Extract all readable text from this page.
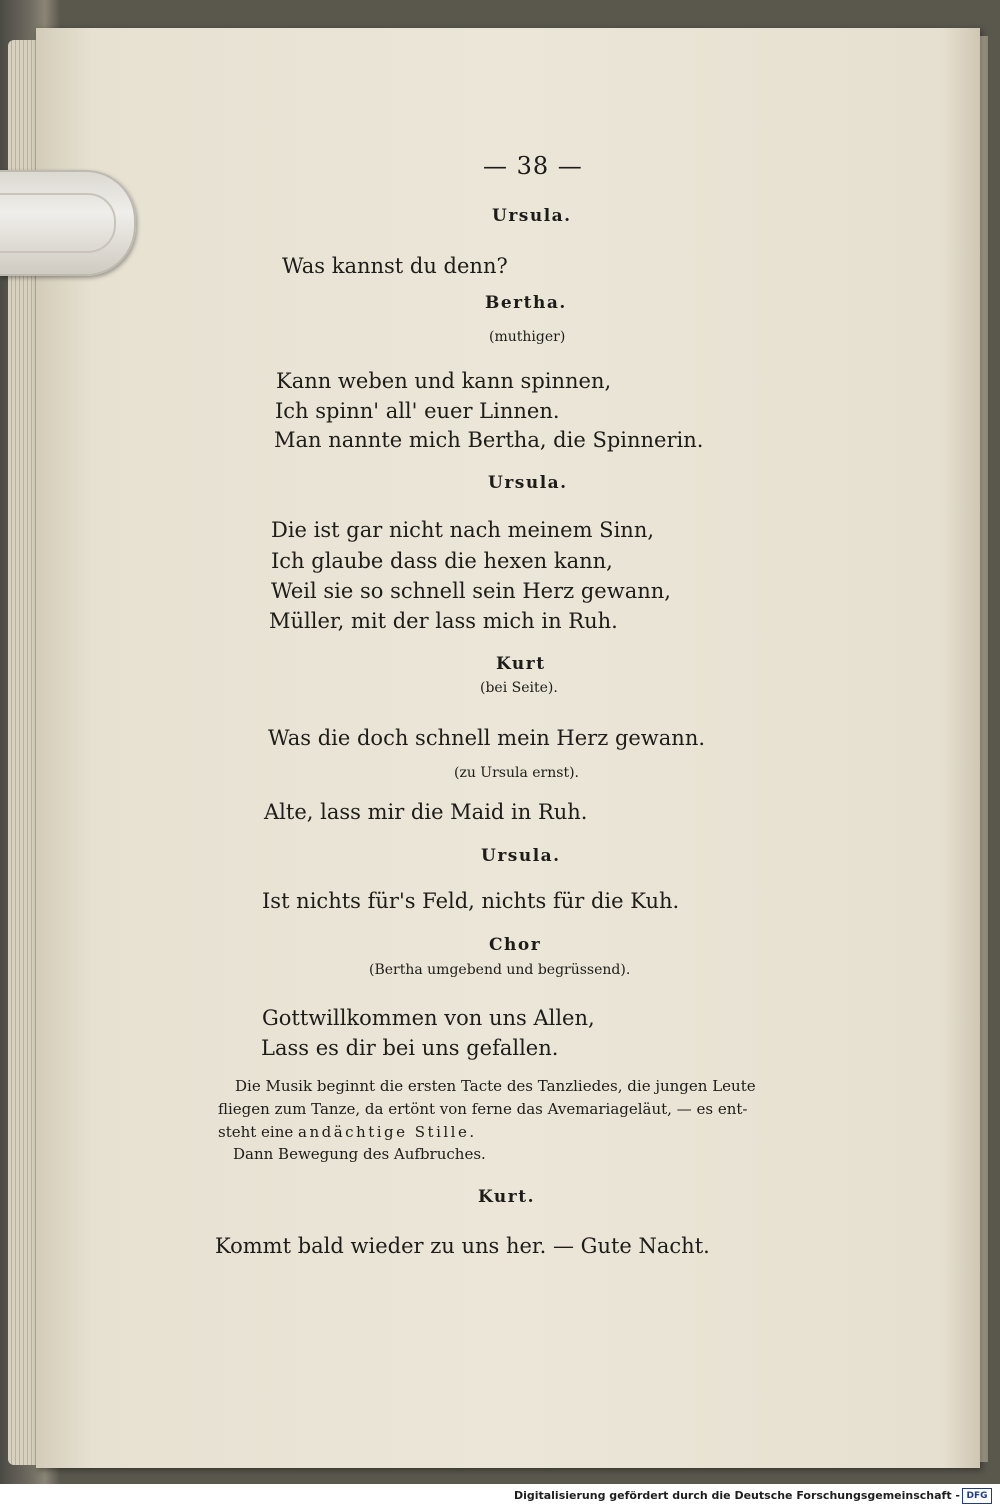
— 38 —
Ursula.
Was kannst du denn?
Bertha.
(muthiger)
Kann weben und kann spinnen,
Ich spinn' all' euer Linnen.
Man nannte mich Bertha, die Spinnerin.
Ursula.
Die ist gar nicht nach meinem Sinn,
Ich glaube dass die hexen kann,
Weil sie so schnell sein Herz gewann,
Müller, mit der lass mich in Ruh.
Kurt
(bei Seite).
Was die doch schnell mein Herz gewann.
(zu Ursula ernst).
Alte, lass mir die Maid in Ruh.
Ursula.
Ist nichts für's Feld, nichts für die Kuh.
Chor
(Bertha umgebend und begrüssend).
Gottwillkommen von uns Allen,
Lass es dir bei uns gefallen.
Die Musik beginnt die ersten Tacte des Tanzliedes, die jungen Leute
fliegen zum Tanze, da ertönt von ferne das Avemariageläut, — es ent-
steht eine andächtige Stille.
Dann Bewegung des Aufbruches.
Kurt.
Kommt bald wieder zu uns her. — Gute Nacht.
Digitalisierung gefördert durch die Deutsche Forschungsgemeinschaft - DFG
